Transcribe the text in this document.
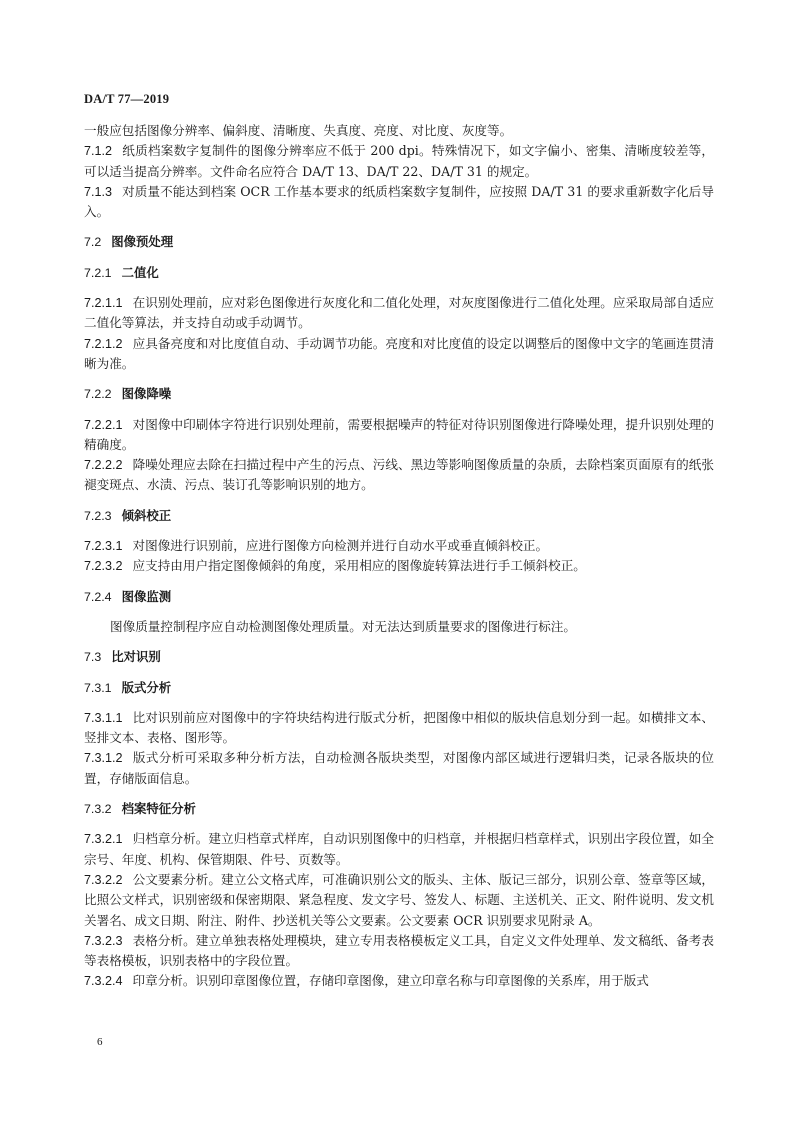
DA/T 77—2019

一般应包括图像分辨率、偏斜度、清晰度、失真度、亮度、对比度、灰度等。

7.1.2 纸质档案数字复制件的图像分辨率应不低于 200 dpi。特殊情况下，如文字偏小、密集、清晰度较差等，可以适当提高分辨率。文件命名应符合 DA/T 13、DA/T 22、DA/T 31 的规定。

7.1.3 对质量不能达到档案 OCR 工作基本要求的纸质档案数字复制件，应按照 DA/T 31 的要求重新数字化后导入。

7.2 图像预处理

7.2.1 二值化

7.2.1.1 在识别处理前，应对彩色图像进行灰度化和二值化处理，对灰度图像进行二值化处理。应采取局部自适应二值化等算法，并支持自动或手动调节。

7.2.1.2 应具备亮度和对比度值自动、手动调节功能。亮度和对比度值的设定以调整后的图像中文字的笔画连贯清晰为准。

7.2.2 图像降噪

7.2.2.1 对图像中印刷体字符进行识别处理前，需要根据噪声的特征对待识别图像进行降噪处理，提升识别处理的精确度。

7.2.2.2 降噪处理应去除在扫描过程中产生的污点、污线、黑边等影响图像质量的杂质，去除档案页面原有的纸张褪变斑点、水渍、污点、装订孔等影响识别的地方。

7.2.3 倾斜校正

7.2.3.1 对图像进行识别前，应进行图像方向检测并进行自动水平或垂直倾斜校正。

7.2.3.2 应支持由用户指定图像倾斜的角度，采用相应的图像旋转算法进行手工倾斜校正。

7.2.4 图像监测

图像质量控制程序应自动检测图像处理质量。对无法达到质量要求的图像进行标注。

7.3 比对识别

7.3.1 版式分析

7.3.1.1 比对识别前应对图像中的字符块结构进行版式分析，把图像中相似的版块信息划分到一起。如横排文本、竖排文本、表格、图形等。

7.3.1.2 版式分析可采取多种分析方法，自动检测各版块类型，对图像内部区域进行逻辑归类，记录各版块的位置，存储版面信息。

7.3.2 档案特征分析

7.3.2.1 归档章分析。建立归档章式样库，自动识别图像中的归档章，并根据归档章样式，识别出字段位置，如全宗号、年度、机构、保管期限、件号、页数等。

7.3.2.2 公文要素分析。建立公文格式库，可准确识别公文的版头、主体、版记三部分，识别公章、签章等区域，比照公文样式，识别密级和保密期限、紧急程度、发文字号、签发人、标题、主送机关、正文、附件说明、发文机关署名、成文日期、附注、附件、抄送机关等公文要素。公文要素 OCR 识别要求见附录 A。

7.3.2.3 表格分析。建立单独表格处理模块，建立专用表格模板定义工具，自定义文件处理单、发文稿纸、备考表等表格模板，识别表格中的字段位置。

7.3.2.4 印章分析。识别印章图像位置，存储印章图像，建立印章名称与印章图像的关系库，用于版式

6
